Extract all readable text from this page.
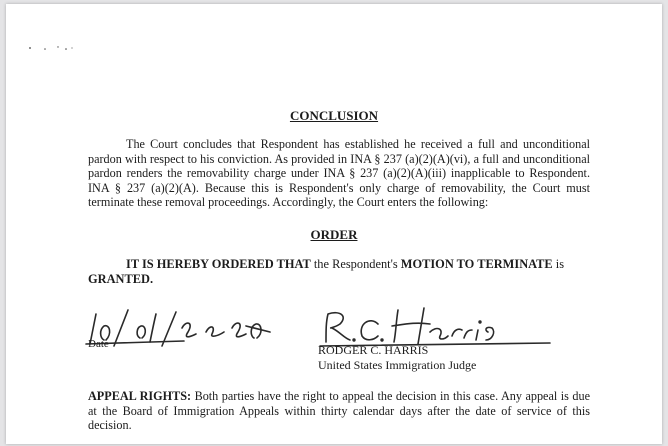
CONCLUSION

The Court concludes that Respondent has established he received a full and unconditional pardon with respect to his conviction. As provided in INA § 237 (a)(2)(A)(vi), a full and unconditional pardon renders the removability charge under INA § 237 (a)(2)(A)(iii) inapplicable to Respondent. INA § 237 (a)(2)(A). Because this is Respondent's only charge of removability, the Court must terminate these removal proceedings. Accordingly, the Court enters the following:

ORDER

IT IS HEREBY ORDERED THAT the Respondent's MOTION TO TERMINATE is
GRANTED.

Date	RODGER C. HARRIS
United States Immigration Judge

APPEAL RIGHTS: Both parties have the right to appeal the decision in this case. Any appeal is due at the Board of Immigration Appeals within thirty calendar days after the date of service of this decision.
